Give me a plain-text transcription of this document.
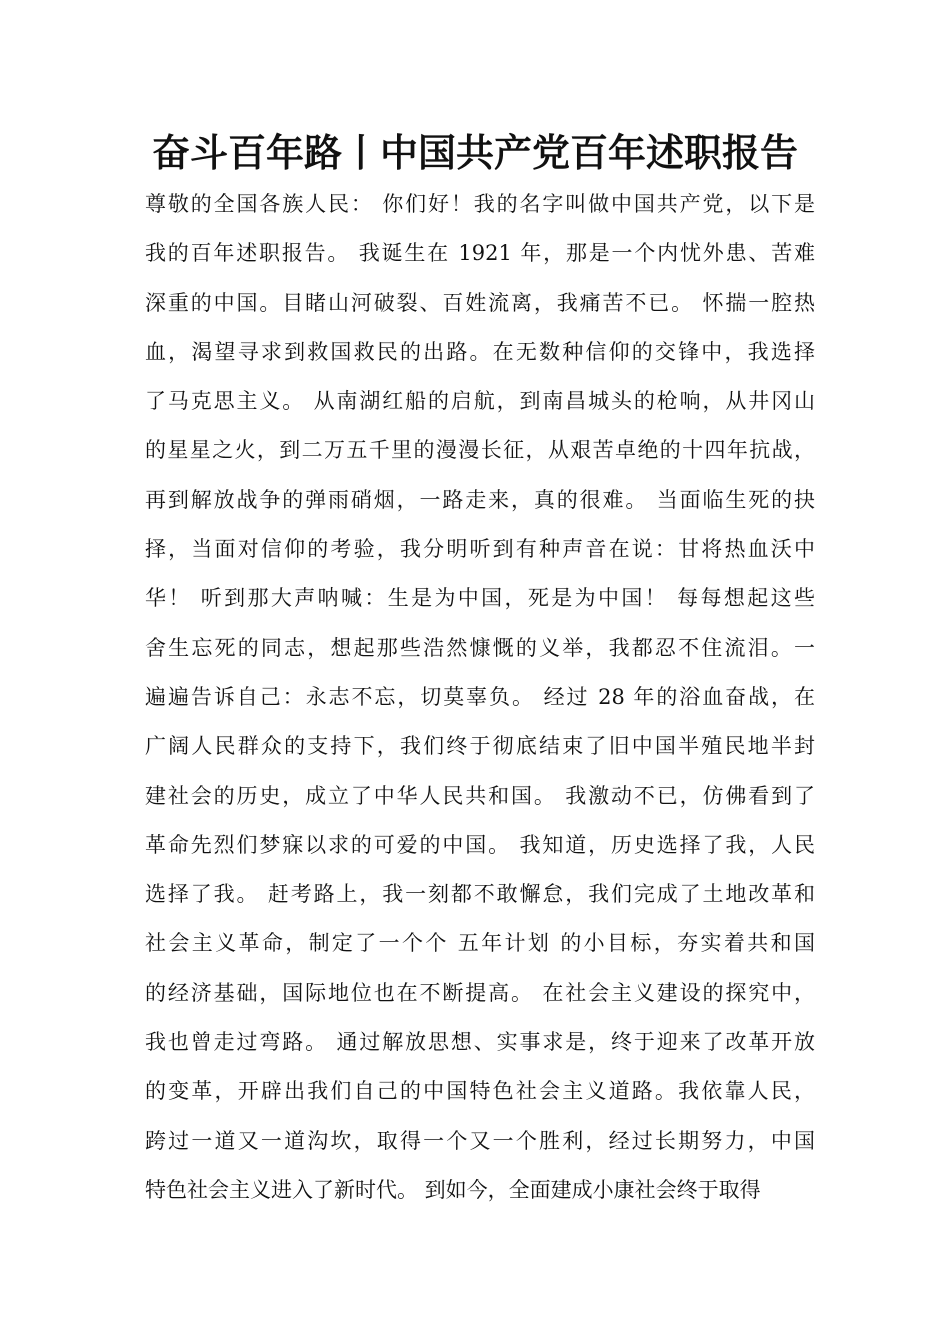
奋斗百年路丨中国共产党百年述职报告
尊敬的全国各族人民： 你们好！我的名字叫做中国共产党，以下是
我的百年述职报告。 我诞生在 1921 年，那是一个内忧外患、苦难
深重的中国。目睹山河破裂、百姓流离，我痛苦不已。 怀揣一腔热
血，渴望寻求到救国救民的出路。在无数种信仰的交锋中，我选择
了马克思主义。 从南湖红船的启航，到南昌城头的枪响，从井冈山
的星星之火，到二万五千里的漫漫长征，从艰苦卓绝的十四年抗战，
再到解放战争的弹雨硝烟，一路走来，真的很难。 当面临生死的抉
择，当面对信仰的考验，我分明听到有种声音在说：甘将热血沃中
华！ 听到那大声呐喊：生是为中国，死是为中国！ 每每想起这些
舍生忘死的同志，想起那些浩然慷慨的义举，我都忍不住流泪。一
遍遍告诉自己：永志不忘，切莫辜负。 经过 28 年的浴血奋战，在
广阔人民群众的支持下，我们终于彻底结束了旧中国半殖民地半封
建社会的历史，成立了中华人民共和国。 我激动不已，仿佛看到了
革命先烈们梦寐以求的可爱的中国。 我知道，历史选择了我，人民
选择了我。 赶考路上，我一刻都不敢懈怠，我们完成了土地改革和
社会主义革命，制定了一个个 五年计划 的小目标，夯实着共和国
的经济基础，国际地位也在不断提高。 在社会主义建设的探究中，
我也曾走过弯路。 通过解放思想、实事求是，终于迎来了改革开放
的变革，开辟出我们自己的中国特色社会主义道路。我依靠人民，
跨过一道又一道沟坎，取得一个又一个胜利，经过长期努力，中国
特色社会主义进入了新时代。 到如今，全面建成小康社会终于取得
